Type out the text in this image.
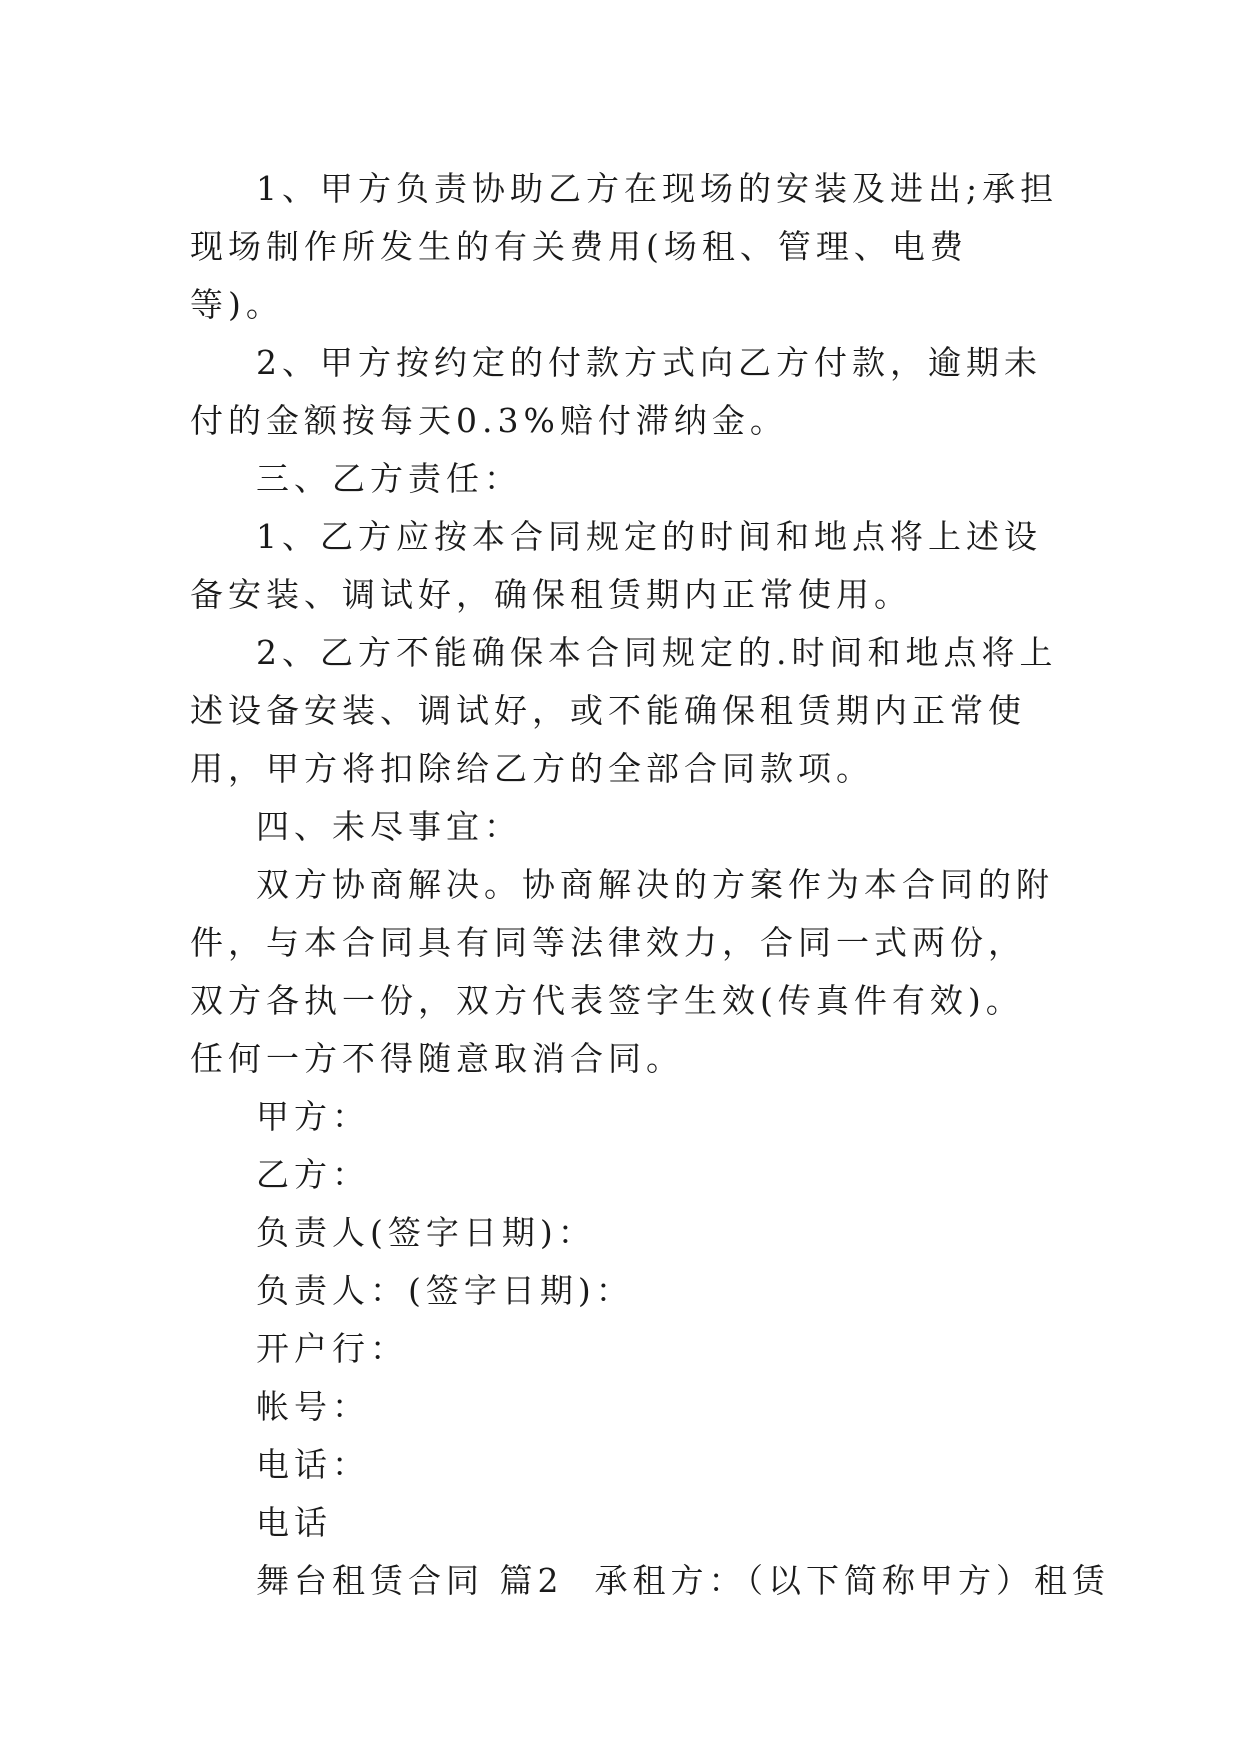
1、甲方负责协助乙方在现场的安装及进出;承担现场制作所发生的有关费用(场租、管理、电费等)。

2、甲方按约定的付款方式向乙方付款，逾期未付的金额按每天0.3%赔付滞纳金。

三、乙方责任：

1、乙方应按本合同规定的时间和地点将上述设备安装、调试好，确保租赁期内正常使用。

2、乙方不能确保本合同规定的.时间和地点将上述设备安装、调试好，或不能确保租赁期内正常使用，甲方将扣除给乙方的全部合同款项。

四、未尽事宜：

双方协商解决。协商解决的方案作为本合同的附件，与本合同具有同等法律效力，合同一式两份，双方各执一份，双方代表签字生效(传真件有效)。任何一方不得随意取消合同。

甲方：

乙方：

负责人(签字日期)：

负责人：(签字日期)：

开户行：

帐号：

电话：

电话

舞台租赁合同 篇2  承租方：（以下简称甲方）租赁
